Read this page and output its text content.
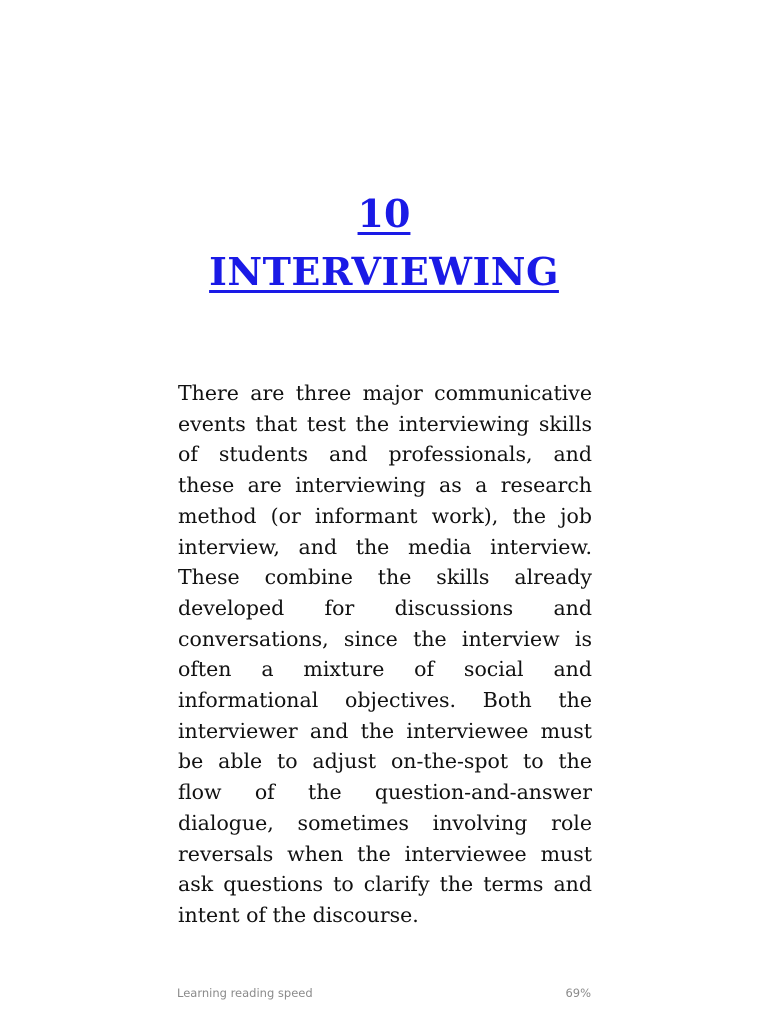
10
INTERVIEWING

There are three major communicative events that test the interviewing skills of students and professionals, and these are interviewing as a research method (or informant work), the job interview, and the media interview. These combine the skills already developed for discussions and conversations, since the interview is often a mixture of social and informational objectives. Both the interviewer and the interviewee must be able to adjust on-the-spot to the flow of the question-and-answer dialogue, sometimes involving role reversals when the interviewee must ask questions to clarify the terms and intent of the discourse.

Learning reading speed	69%
